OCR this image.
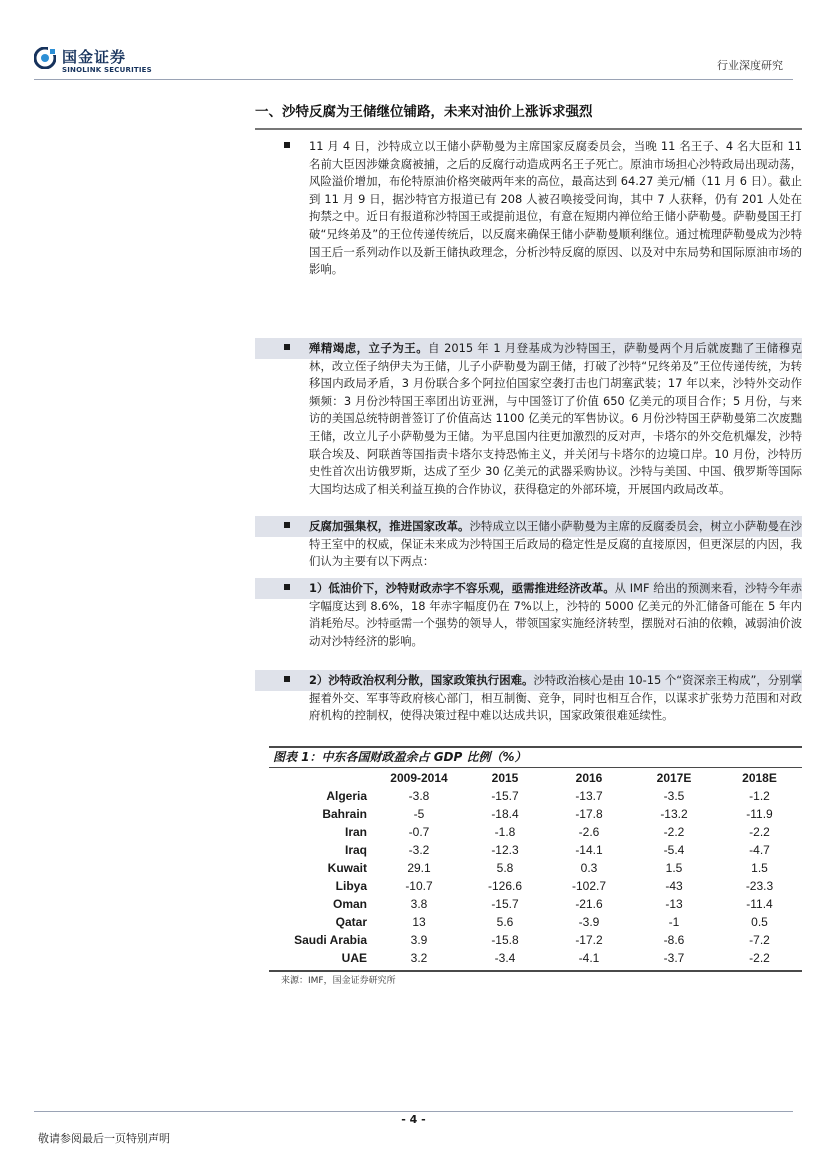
国金证券
SINOLINK SECURITIES	行业深度研究
一、沙特反腐为王储继位铺路，未来对油价上涨诉求强烈
11 月 4 日，沙特成立以王储小萨勒曼为主席国家反腐委员会，当晚 11 名王子、4 名大臣和 11 名前大臣因涉嫌贪腐被捕，之后的反腐行动造成两名王子死亡。原油市场担心沙特政局出现动荡，风险溢价增加，布伦特原油价格突破两年来的高位，最高达到 64.27 美元/桶（11 月 6 日）。截止到 11 月 9 日，据沙特官方报道已有 208 人被召唤接受问询，其中 7 人获释，仍有 201 人处在拘禁之中。近日有报道称沙特国王或提前退位，有意在短期内禅位给王储小萨勒曼。萨勒曼国王打破“兄终弟及”的王位传递传统后，以反腐来确保王储小萨勒曼顺利继位。通过梳理萨勒曼成为沙特国王后一系列动作以及新王储执政理念，分析沙特反腐的原因、以及对中东局势和国际原油市场的影响。
殚精竭虑，立子为王。自 2015 年 1 月登基成为沙特国王，萨勒曼两个月后就废黜了王储穆克林，改立侄子纳伊夫为王储，儿子小萨勒曼为副王储，打破了沙特“兄终弟及”王位传递传统，为转移国内政局矛盾，3 月份联合多个阿拉伯国家空袭打击也门胡塞武装；17 年以来，沙特外交动作频频：3 月份沙特国王率团出访亚洲，与中国签订了价值 650 亿美元的项目合作；5 月份，与来访的美国总统特朗普签订了价值高达 1100 亿美元的军售协议。6 月份沙特国王萨勒曼第二次废黜王储，改立儿子小萨勒曼为王储。为平息国内往更加激烈的反对声，卡塔尔的外交危机爆发，沙特联合埃及、阿联酋等国指责卡塔尔支持恐怖主义，并关闭与卡塔尔的边境口岸。10 月份，沙特历史性首次出访俄罗斯，达成了至少 30 亿美元的武器采购协议。沙特与美国、中国、俄罗斯等国际大国均达成了相关利益互换的合作协议，获得稳定的外部环境，开展国内政局改革。
反腐加强集权，推进国家改革。沙特成立以王储小萨勒曼为主席的反腐委员会，树立小萨勒曼在沙特王室中的权威，保证未来成为沙特国王后政局的稳定性是反腐的直接原因，但更深层的内因，我们认为主要有以下两点：
1）低油价下，沙特财政赤字不容乐观，亟需推进经济改革。从 IMF 给出的预测来看，沙特今年赤字幅度达到 8.6%，18 年赤字幅度仍在 7%以上，沙特的 5000 亿美元的外汇储备可能在 5 年内消耗殆尽。沙特亟需一个强势的领导人，带领国家实施经济转型，摆脱对石油的依赖，减弱油价波动对沙特经济的影响。
2）沙特政治权利分散，国家政策执行困难。沙特政治核心是由 10-15 个“资深亲王构成”，分别掌握着外交、军事等政府核心部门，相互制衡、竞争，同时也相互合作，以谋求扩张势力范围和对政府机构的控制权，使得决策过程中难以达成共识，国家政策很难延续性。
图表 1：中东各国财政盈余占 GDP 比例（%）
	2009-2014	2015	2016	2017E	2018E
Algeria	-3.8	-15.7	-13.7	-3.5	-1.2
Bahrain	-5	-18.4	-17.8	-13.2	-11.9
Iran	-0.7	-1.8	-2.6	-2.2	-2.2
Iraq	-3.2	-12.3	-14.1	-5.4	-4.7
Kuwait	29.1	5.8	0.3	1.5	1.5
Libya	-10.7	-126.6	-102.7	-43	-23.3
Oman	3.8	-15.7	-21.6	-13	-11.4
Qatar	13	5.6	-3.9	-1	0.5
Saudi Arabia	3.9	-15.8	-17.2	-8.6	-7.2
UAE	3.2	-3.4	-4.1	-3.7	-2.2
来源：IMF，国金证券研究所
- 4 -
敬请参阅最后一页特别声明
